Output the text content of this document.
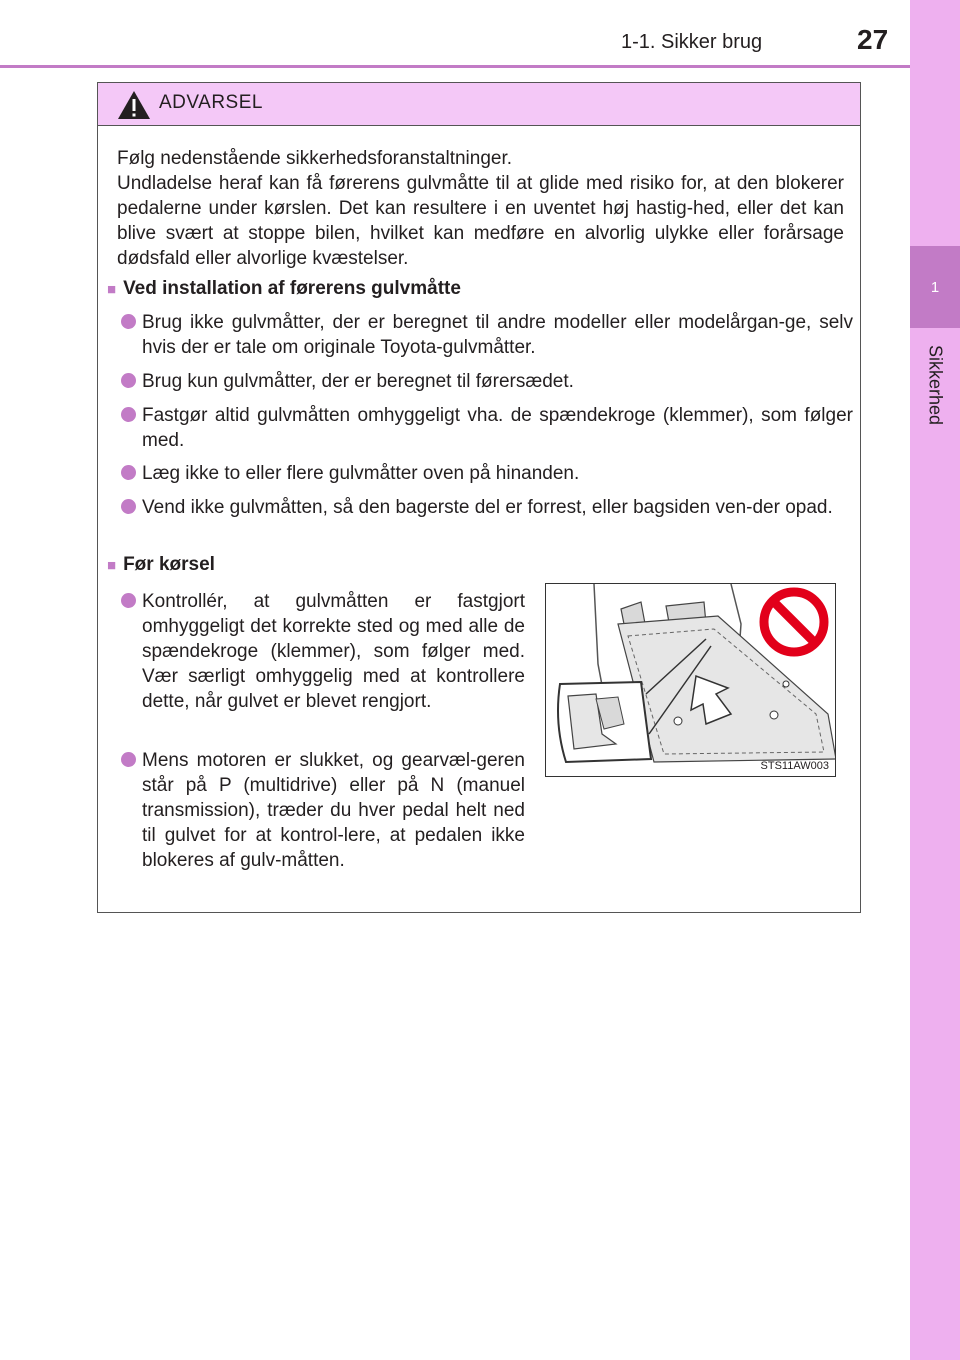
1-1. Sikker brug	27
1
Sikkerhed
ADVARSEL
Følg nedenstående sikkerhedsforanstaltninger.
Undladelse heraf kan få førerens gulvmåtte til at glide med risiko for, at den blokerer pedalerne under kørslen. Det kan resultere i en uventet høj hastig-hed, eller det kan blive svært at stoppe bilen, hvilket kan medføre en alvorlig ulykke eller forårsage dødsfald eller alvorlige kvæstelser.
■ Ved installation af førerens gulvmåtte
Brug ikke gulvmåtter, der er beregnet til andre modeller eller modelårgan-ge, selv hvis der er tale om originale Toyota-gulvmåtter.
Brug kun gulvmåtter, der er beregnet til førersædet.
Fastgør altid gulvmåtten omhyggeligt vha. de spændekroge (klemmer), som følger med.
Læg ikke to eller flere gulvmåtter oven på hinanden.
Vend ikke gulvmåtten, så den bagerste del er forrest, eller bagsiden ven-der opad.
■ Før kørsel
Kontrollér, at gulvmåtten er fastgjort omhyggeligt det korrekte sted og med alle de spændekroge (klemmer), som følger med. Vær særligt omhyggelig med at kontrollere dette, når gulvet er blevet rengjort.
Mens motoren er slukket, og gearvæl-geren står på P (multidrive) eller på N (manuel transmission), træder du hver pedal helt ned til gulvet for at kontrol-lere, at pedalen ikke blokeres af gulv-måtten.
STS11AW003
